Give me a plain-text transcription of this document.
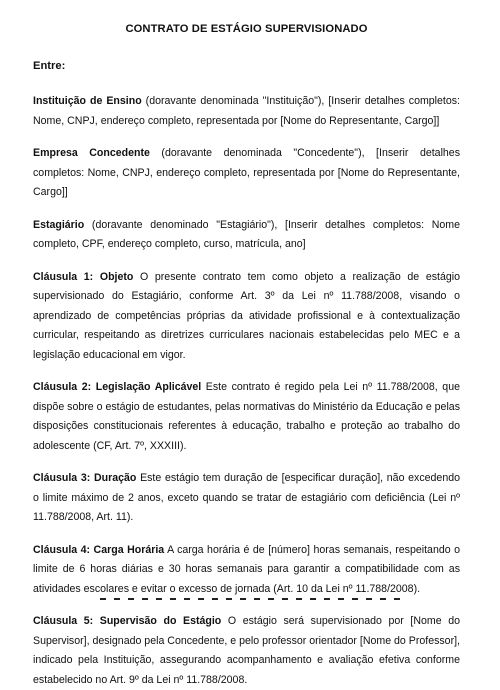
CONTRATO DE ESTÁGIO SUPERVISIONADO
Entre:

Instituição de Ensino (doravante denominada "Instituição"), [Inserir detalhes completos: Nome, CNPJ, endereço completo, representada por [Nome do Representante, Cargo]]

Empresa Concedente (doravante denominada "Concedente"), [Inserir detalhes completos: Nome, CNPJ, endereço completo, representada por [Nome do Representante, Cargo]]

Estagiário (doravante denominado "Estagiário"), [Inserir detalhes completos: Nome completo, CPF, endereço completo, curso, matrícula, ano]

Cláusula 1: Objeto O presente contrato tem como objeto a realização de estágio supervisionado do Estagiário, conforme Art. 3º da Lei nº 11.788/2008, visando o aprendizado de competências próprias da atividade profissional e à contextualização curricular, respeitando as diretrizes curriculares nacionais estabelecidas pelo MEC e a legislação educacional em vigor.

Cláusula 2: Legislação Aplicável Este contrato é regido pela Lei nº 11.788/2008, que dispõe sobre o estágio de estudantes, pelas normativas do Ministério da Educação e pelas disposições constitucionais referentes à educação, trabalho e proteção ao trabalho do adolescente (CF, Art. 7º, XXXIII).

Cláusula 3: Duração Este estágio tem duração de [especificar duração], não excedendo o limite máximo de 2 anos, exceto quando se tratar de estagiário com deficiência (Lei nº 11.788/2008, Art. 11).

Cláusula 4: Carga Horária A carga horária é de [número] horas semanais, respeitando o limite de 6 horas diárias e 30 horas semanais para garantir a compatibilidade com as atividades escolares e evitar o excesso de jornada (Art. 10 da Lei nº 11.788/2008).

Cláusula 5: Supervisão do Estágio O estágio será supervisionado por [Nome do Supervisor], designado pela Concedente, e pelo professor orientador [Nome do Professor], indicado pela Instituição, assegurando acompanhamento e avaliação efetiva conforme estabelecido no Art. 9º da Lei nº 11.788/2008.
